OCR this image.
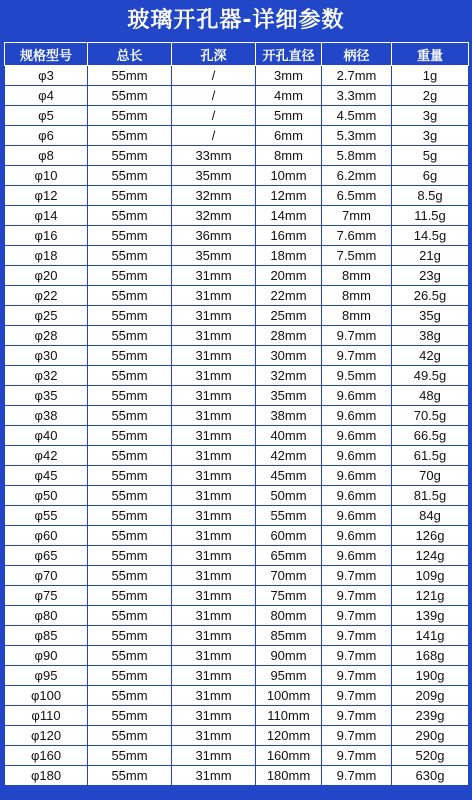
玻璃开孔器-详细参数
规格型号	总长	孔深	开孔直径	柄径	重量
φ3	55mm	/	3mm	2.7mm	1g
φ4	55mm	/	4mm	3.3mm	2g
φ5	55mm	/	5mm	4.5mm	3g
φ6	55mm	/	6mm	5.3mm	3g
φ8	55mm	33mm	8mm	5.8mm	5g
φ10	55mm	35mm	10mm	6.2mm	6g
φ12	55mm	32mm	12mm	6.5mm	8.5g
φ14	55mm	32mm	14mm	7mm	11.5g
φ16	55mm	36mm	16mm	7.6mm	14.5g
φ18	55mm	35mm	18mm	7.5mm	21g
φ20	55mm	31mm	20mm	8mm	23g
φ22	55mm	31mm	22mm	8mm	26.5g
φ25	55mm	31mm	25mm	8mm	35g
φ28	55mm	31mm	28mm	9.7mm	38g
φ30	55mm	31mm	30mm	9.7mm	42g
φ32	55mm	31mm	32mm	9.5mm	49.5g
φ35	55mm	31mm	35mm	9.6mm	48g
φ38	55mm	31mm	38mm	9.6mm	70.5g
φ40	55mm	31mm	40mm	9.6mm	66.5g
φ42	55mm	31mm	42mm	9.6mm	61.5g
φ45	55mm	31mm	45mm	9.6mm	70g
φ50	55mm	31mm	50mm	9.6mm	81.5g
φ55	55mm	31mm	55mm	9.6mm	84g
φ60	55mm	31mm	60mm	9.6mm	126g
φ65	55mm	31mm	65mm	9.6mm	124g
φ70	55mm	31mm	70mm	9.7mm	109g
φ75	55mm	31mm	75mm	9.7mm	121g
φ80	55mm	31mm	80mm	9.7mm	139g
φ85	55mm	31mm	85mm	9.7mm	141g
φ90	55mm	31mm	90mm	9.7mm	168g
φ95	55mm	31mm	95mm	9.7mm	190g
φ100	55mm	31mm	100mm	9.7mm	209g
φ110	55mm	31mm	110mm	9.7mm	239g
φ120	55mm	31mm	120mm	9.7mm	290g
φ160	55mm	31mm	160mm	9.7mm	520g
φ180	55mm	31mm	180mm	9.7mm	630g
